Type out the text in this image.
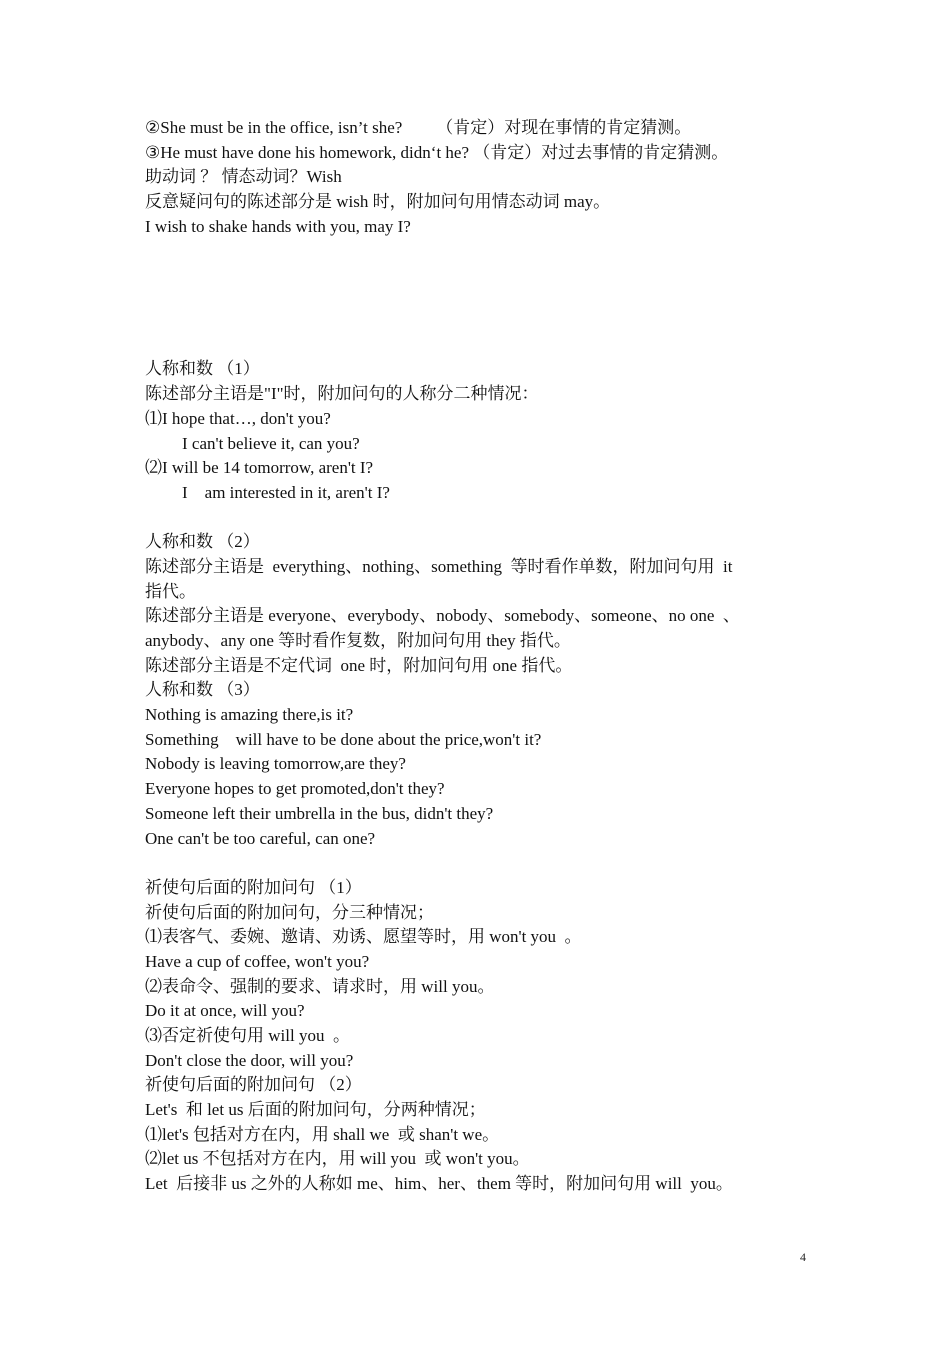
②She must be in the office, isn’t she?        （肯定）对现在事情的肯定猜测。
③He must have done his homework, didn‘t he? （肯定）对过去事情的肯定猜测。
助动词 ？ 情态动词？Wish
反意疑问句的陈述部分是 wish 时，附加问句用情态动词 may。
I wish to shake hands with you, may I?
人称和数 （1）
陈述部分主语是"I"时，附加问句的人称分二种情况：
⑴I hope that…, don't you?
I can't believe it, can you?
⑵I will be 14 tomorrow, aren't I?
I    am interested in it, aren't I?
人称和数 （2）
陈述部分主语是  everything、nothing、something  等时看作单数，附加问句用  it
指代。
陈述部分主语是 everyone、everybody、nobody、somebody、someone、no one  、
anybody、any one 等时看作复数，附加问句用 they 指代。
陈述部分主语是不定代词  one 时，附加问句用 one 指代。
人称和数 （3）
Nothing is amazing there,is it?
Something    will have to be done about the price,won't it?
Nobody is leaving tomorrow,are they?
Everyone hopes to get promoted,don't they?
Someone left their umbrella in the bus, didn't they?
One can't be too careful, can one?
祈使句后面的附加问句 （1）
祈使句后面的附加问句，分三种情况；
⑴表客气、委婉、邀请、劝诱、愿望等时，用 won't you  。
Have a cup of coffee, won't you?
⑵表命令、强制的要求、请求时，用 will you。
Do it at once, will you?
⑶否定祈使句用 will you  。
Don't close the door, will you?
祈使句后面的附加问句 （2）
Let's  和 let us 后面的附加问句，分两种情况；
⑴let's 包括对方在内，用 shall we  或 shan't we。
⑵let us 不包括对方在内，用 will you  或 won't you。
Let  后接非 us 之外的人称如 me、him、her、them 等时，附加问句用 will  you。
4
